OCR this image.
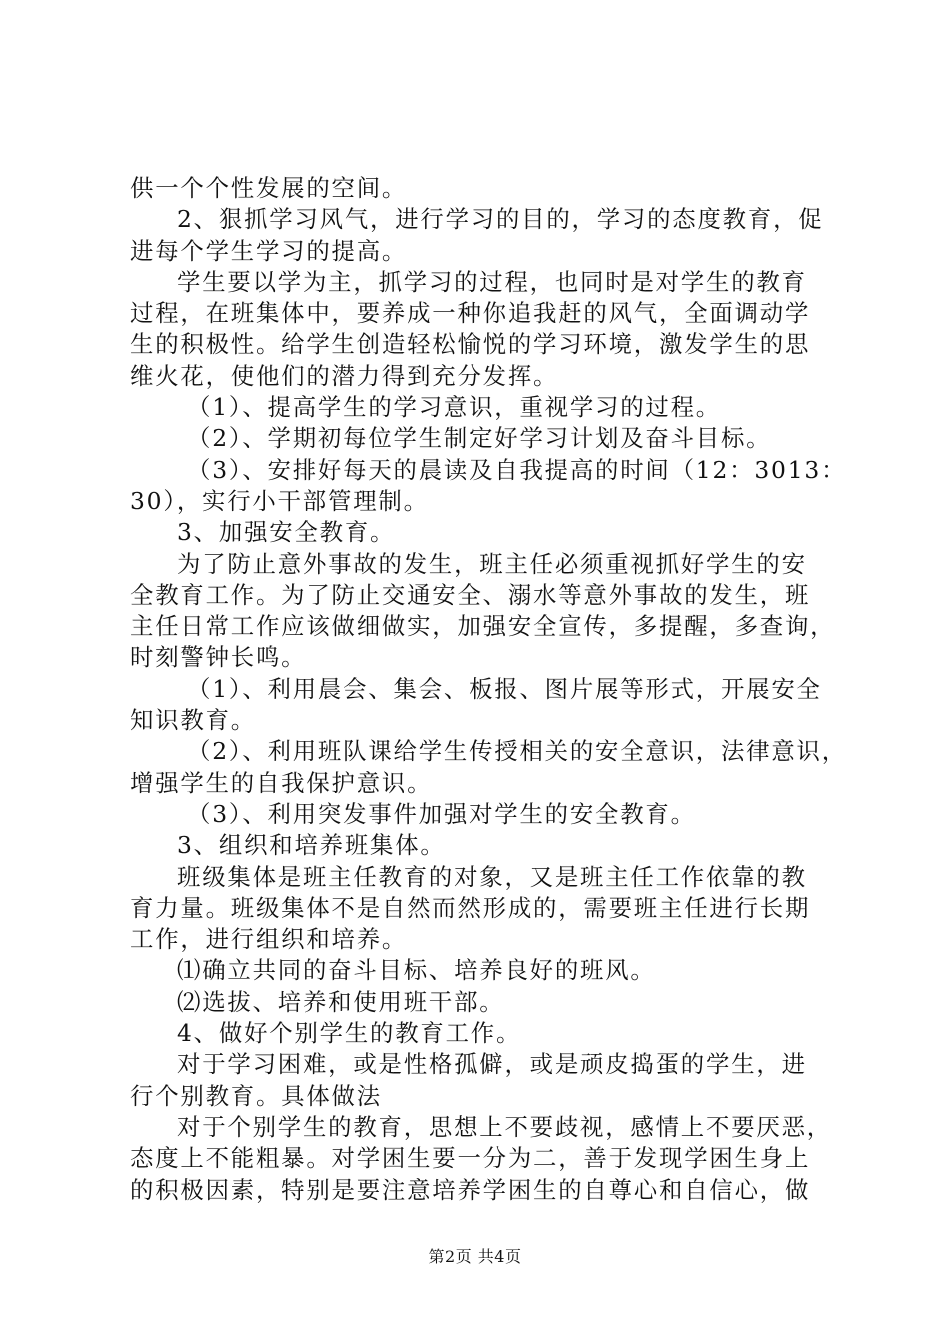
供一个个性发展的空间。

2、狠抓学习风气，进行学习的目的，学习的态度教育，促

进每个学生学习的提高。

学生要以学为主，抓学习的过程，也同时是对学生的教育

过程，在班集体中，要养成一种你追我赶的风气，全面调动学

生的积极性。给学生创造轻松愉悦的学习环境，激发学生的思

维火花，使他们的潜力得到充分发挥。

（1）、提高学生的学习意识，重视学习的过程。

（2）、学期初每位学生制定好学习计划及奋斗目标。

（3）、安排好每天的晨读及自我提高的时间（12：3013：

30），实行小干部管理制。

3、加强安全教育。

为了防止意外事故的发生，班主任必须重视抓好学生的安

全教育工作。为了防止交通安全、溺水等意外事故的发生，班

主任日常工作应该做细做实，加强安全宣传，多提醒，多查询，

时刻警钟长鸣。

（1）、利用晨会、集会、板报、图片展等形式，开展安全

知识教育。

（2）、利用班队课给学生传授相关的安全意识，法律意识，

增强学生的自我保护意识。

（3）、利用突发事件加强对学生的安全教育。

3、组织和培养班集体。

班级集体是班主任教育的对象，又是班主任工作依靠的教

育力量。班级集体不是自然而然形成的，需要班主任进行长期

工作，进行组织和培养。

⑴确立共同的奋斗目标、培养良好的班风。

⑵选拔、培养和使用班干部。

4、做好个别学生的教育工作。

对于学习困难，或是性格孤僻，或是顽皮捣蛋的学生，进

行个别教育。具体做法

对于个别学生的教育，思想上不要歧视，感情上不要厌恶，

态度上不能粗暴。对学困生要一分为二，善于发现学困生身上

的积极因素，特别是要注意培养学困生的自尊心和自信心，做

第2页 共4页
